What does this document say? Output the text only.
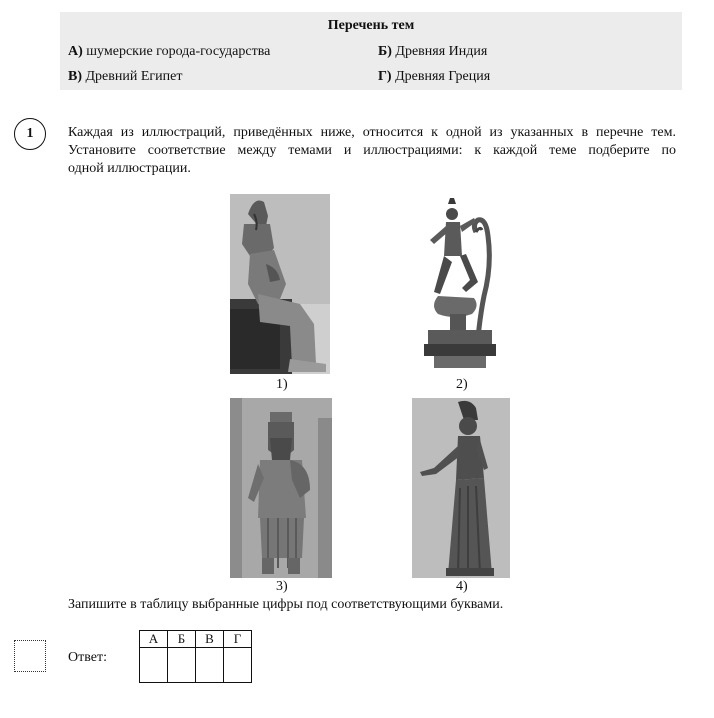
Перечень тем
А) шумерские города-государства	Б) Древняя Индия
В) Древний Египет	Г) Древняя Греция
1	Каждая из иллюстраций, приведённых ниже, относится к одной из указанных в перечне тем.
Установите соответствие между темами и иллюстрациями: к каждой теме подберите по
одной иллюстрации.
1)	2)
3)	4)
Запишите в таблицу выбранные цифры под соответствующими буквами.
Ответ:
А	Б	В	Г
